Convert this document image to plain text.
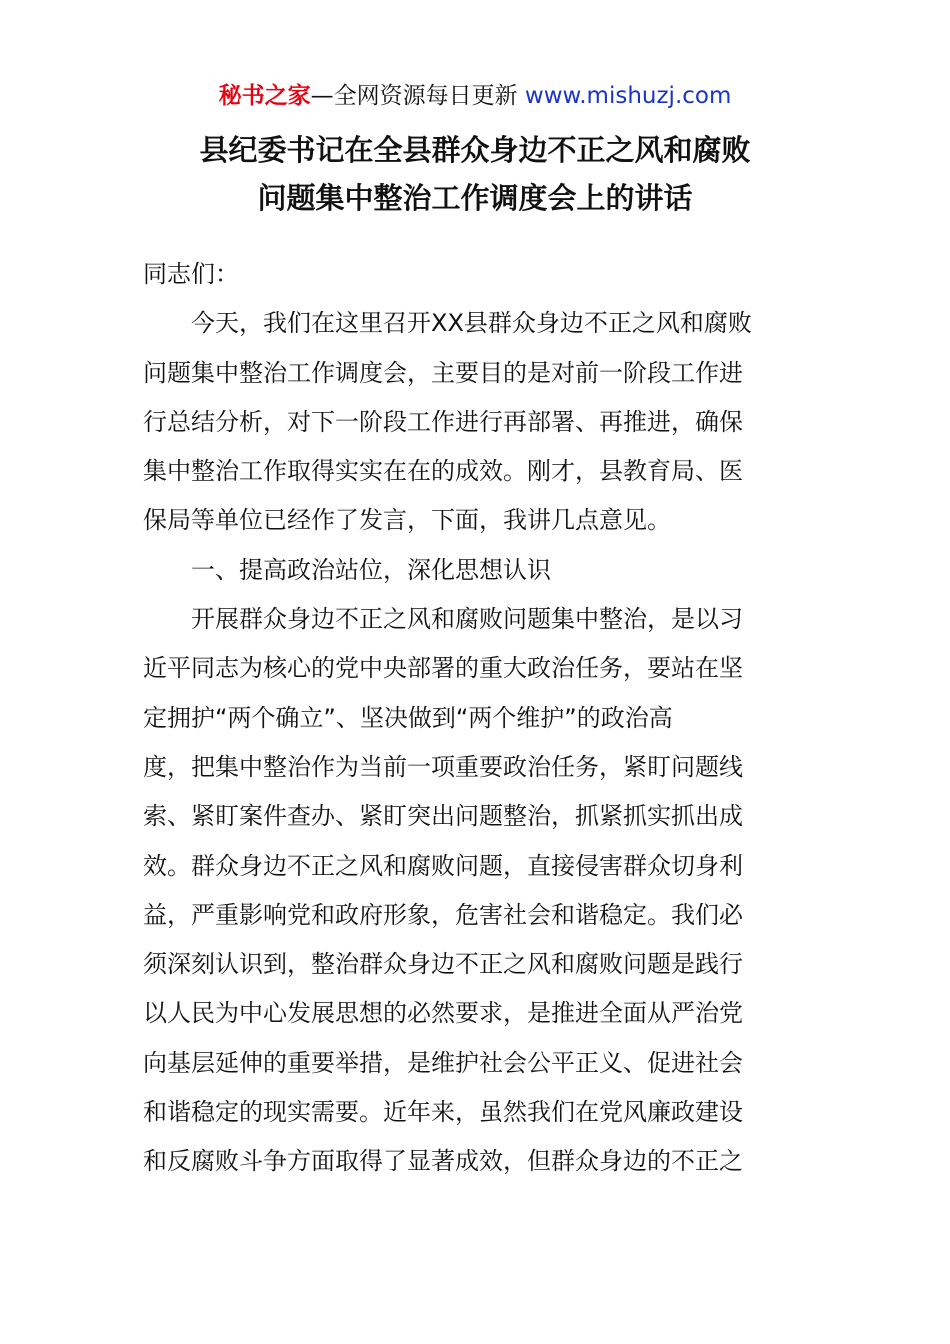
秘书之家—全网资源每日更新 www.mishuzj.com
县纪委书记在全县群众身边不正之风和腐败
问题集中整治工作调度会上的讲话
同志们：
今天，我们在这里召开XX县群众身边不正之风和腐败
问题集中整治工作调度会，主要目的是对前一阶段工作进
行总结分析，对下一阶段工作进行再部署、再推进，确保
集中整治工作取得实实在在的成效。刚才，县教育局、医
保局等单位已经作了发言，下面，我讲几点意见。
一、提高政治站位，深化思想认识
开展群众身边不正之风和腐败问题集中整治，是以习
近平同志为核心的党中央部署的重大政治任务，要站在坚
定拥护“两个确立”、坚决做到“两个维护”的政治高
度，把集中整治作为当前一项重要政治任务，紧盯问题线
索、紧盯案件查办、紧盯突出问题整治，抓紧抓实抓出成
效。群众身边不正之风和腐败问题，直接侵害群众切身利
益，严重影响党和政府形象，危害社会和谐稳定。我们必
须深刻认识到，整治群众身边不正之风和腐败问题是践行
以人民为中心发展思想的必然要求，是推进全面从严治党
向基层延伸的重要举措，是维护社会公平正义、促进社会
和谐稳定的现实需要。近年来，虽然我们在党风廉政建设
和反腐败斗争方面取得了显著成效，但群众身边的不正之
